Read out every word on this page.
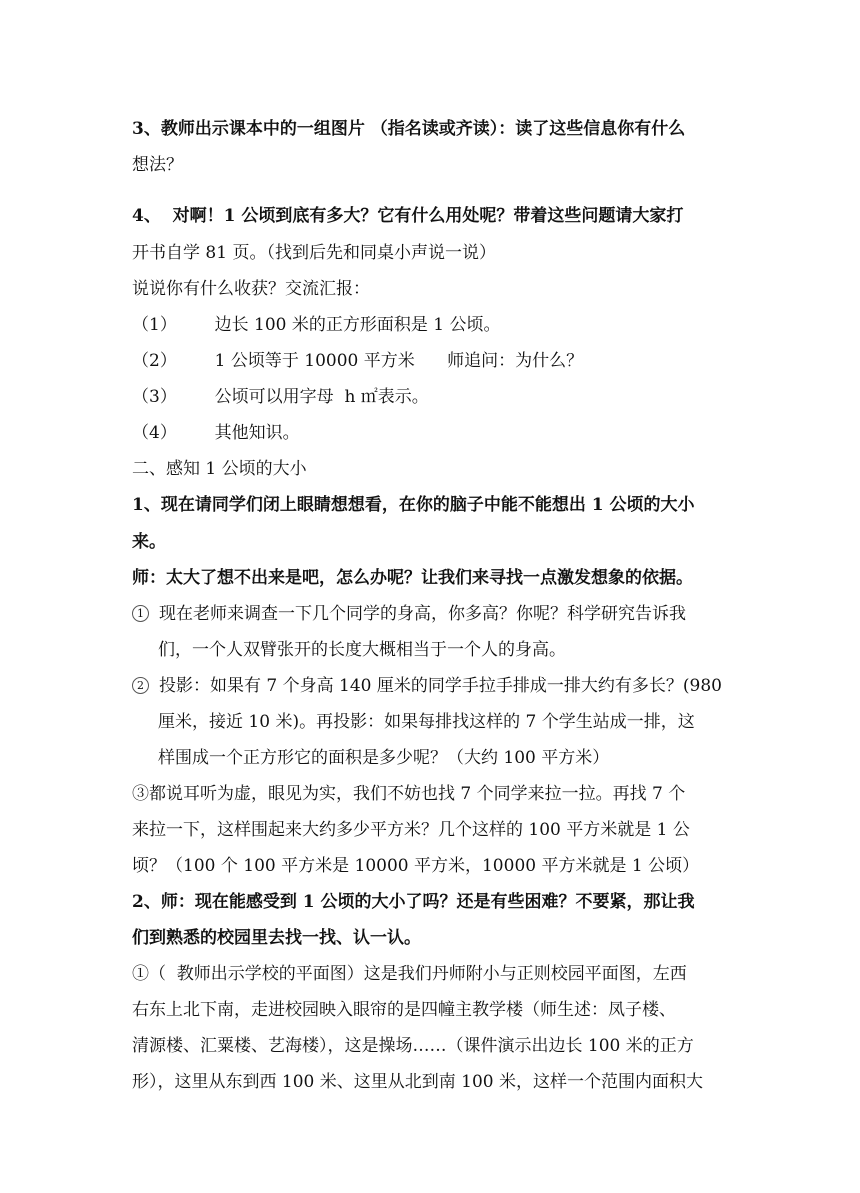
3、教师出示课本中的一组图片 （指名读或齐读）：读了这些信息你有什么
想法？
4、  对啊！1 公顷到底有多大？它有什么用处呢？带着这些问题请大家打
开书自学 81 页。（找到后先和同桌小声说一说）
说说你有什么收获？交流汇报：
（1）       边长 100 米的正方形面积是 1 公顷。
（2）       1 公顷等于 10000 平方米      师追问：为什么？
（3）       公顷可以用字母  h ㎡表示。
（4）       其他知识。
二、感知 1 公顷的大小
1、现在请同学们闭上眼睛想想看，在你的脑子中能不能想出 1 公顷的大小
来。
师：太大了想不出来是吧，怎么办呢？让我们来寻找一点激发想象的依据。
1 现在老师来调查一下几个同学的身高，你多高？你呢？科学研究告诉我
们，一个人双臂张开的长度大概相当于一个人的身高。
2 投影：如果有 7 个身高 140 厘米的同学手拉手排成一排大约有多长？(980
厘米，接近 10 米)。再投影：如果每排找这样的 7 个学生站成一排，这
样围成一个正方形它的面积是多少呢？（大约 100 平方米）
③都说耳听为虚，眼见为实，我们不妨也找 7 个同学来拉一拉。再找 7 个
来拉一下，这样围起来大约多少平方米？几个这样的 100 平方米就是 1 公
顷？（100 个 100 平方米是 10000 平方米，10000 平方米就是 1 公顷）
2、师：现在能感受到 1 公顷的大小了吗？还是有些困难？不要紧，那让我
们到熟悉的校园里去找一找、认一认。
①（  教师出示学校的平面图）这是我们丹师附小与正则校园平面图，左西
右东上北下南，走进校园映入眼帘的是四幢主教学楼（师生述：凤子楼、
清源楼、汇粟楼、艺海楼），这是操场……（课件演示出边长 100 米的正方
形），这里从东到西 100 米、这里从北到南 100 米，这样一个范围内面积大
